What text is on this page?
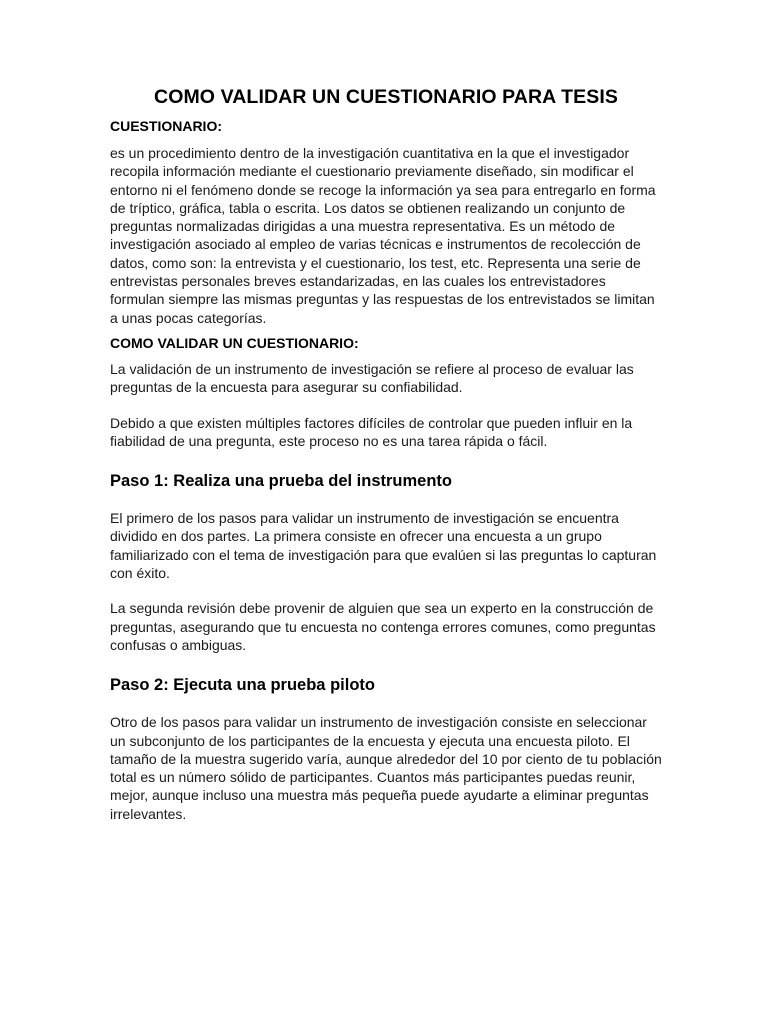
COMO VALIDAR UN CUESTIONARIO PARA TESIS
CUESTIONARIO:

es un procedimiento dentro de la investigación cuantitativa en la que el investigador recopila información mediante el cuestionario previamente diseñado, sin modificar el entorno ni el fenómeno donde se recoge la información ya sea para entregarlo en forma de tríptico, gráfica, tabla o escrita. Los datos se obtienen realizando un conjunto de preguntas normalizadas dirigidas a una muestra representativa. Es un método de investigación asociado al empleo de varias técnicas e instrumentos de recolección de datos, como son: la entrevista y el cuestionario, los test, etc. Representa una serie de entrevistas personales breves estandarizadas, en las cuales los entrevistadores formulan siempre las mismas preguntas y las respuestas de los entrevistados se limitan a unas pocas categorías.

COMO VALIDAR UN CUESTIONARIO:

La validación de un instrumento de investigación se refiere al proceso de evaluar las preguntas de la encuesta para asegurar su confiabilidad.

Debido a que existen múltiples factores difíciles de controlar que pueden influir en la fiabilidad de una pregunta, este proceso no es una tarea rápida o fácil.

Paso 1: Realiza una prueba del instrumento

El primero de los pasos para validar un instrumento de investigación se encuentra dividido en dos partes. La primera consiste en ofrecer una encuesta a un grupo familiarizado con el tema de investigación para que evalúen si las preguntas lo capturan con éxito.

La segunda revisión debe provenir de alguien que sea un experto en la construcción de preguntas, asegurando que tu encuesta no contenga errores comunes, como preguntas confusas o ambiguas.

Paso 2: Ejecuta una prueba piloto

Otro de los pasos para validar un instrumento de investigación consiste en seleccionar un subconjunto de los participantes de la encuesta y ejecuta una encuesta piloto. El tamaño de la muestra sugerido varía, aunque alrededor del 10 por ciento de tu población total es un número sólido de participantes. Cuantos más participantes puedas reunir, mejor, aunque incluso una muestra más pequeña puede ayudarte a eliminar preguntas irrelevantes.
